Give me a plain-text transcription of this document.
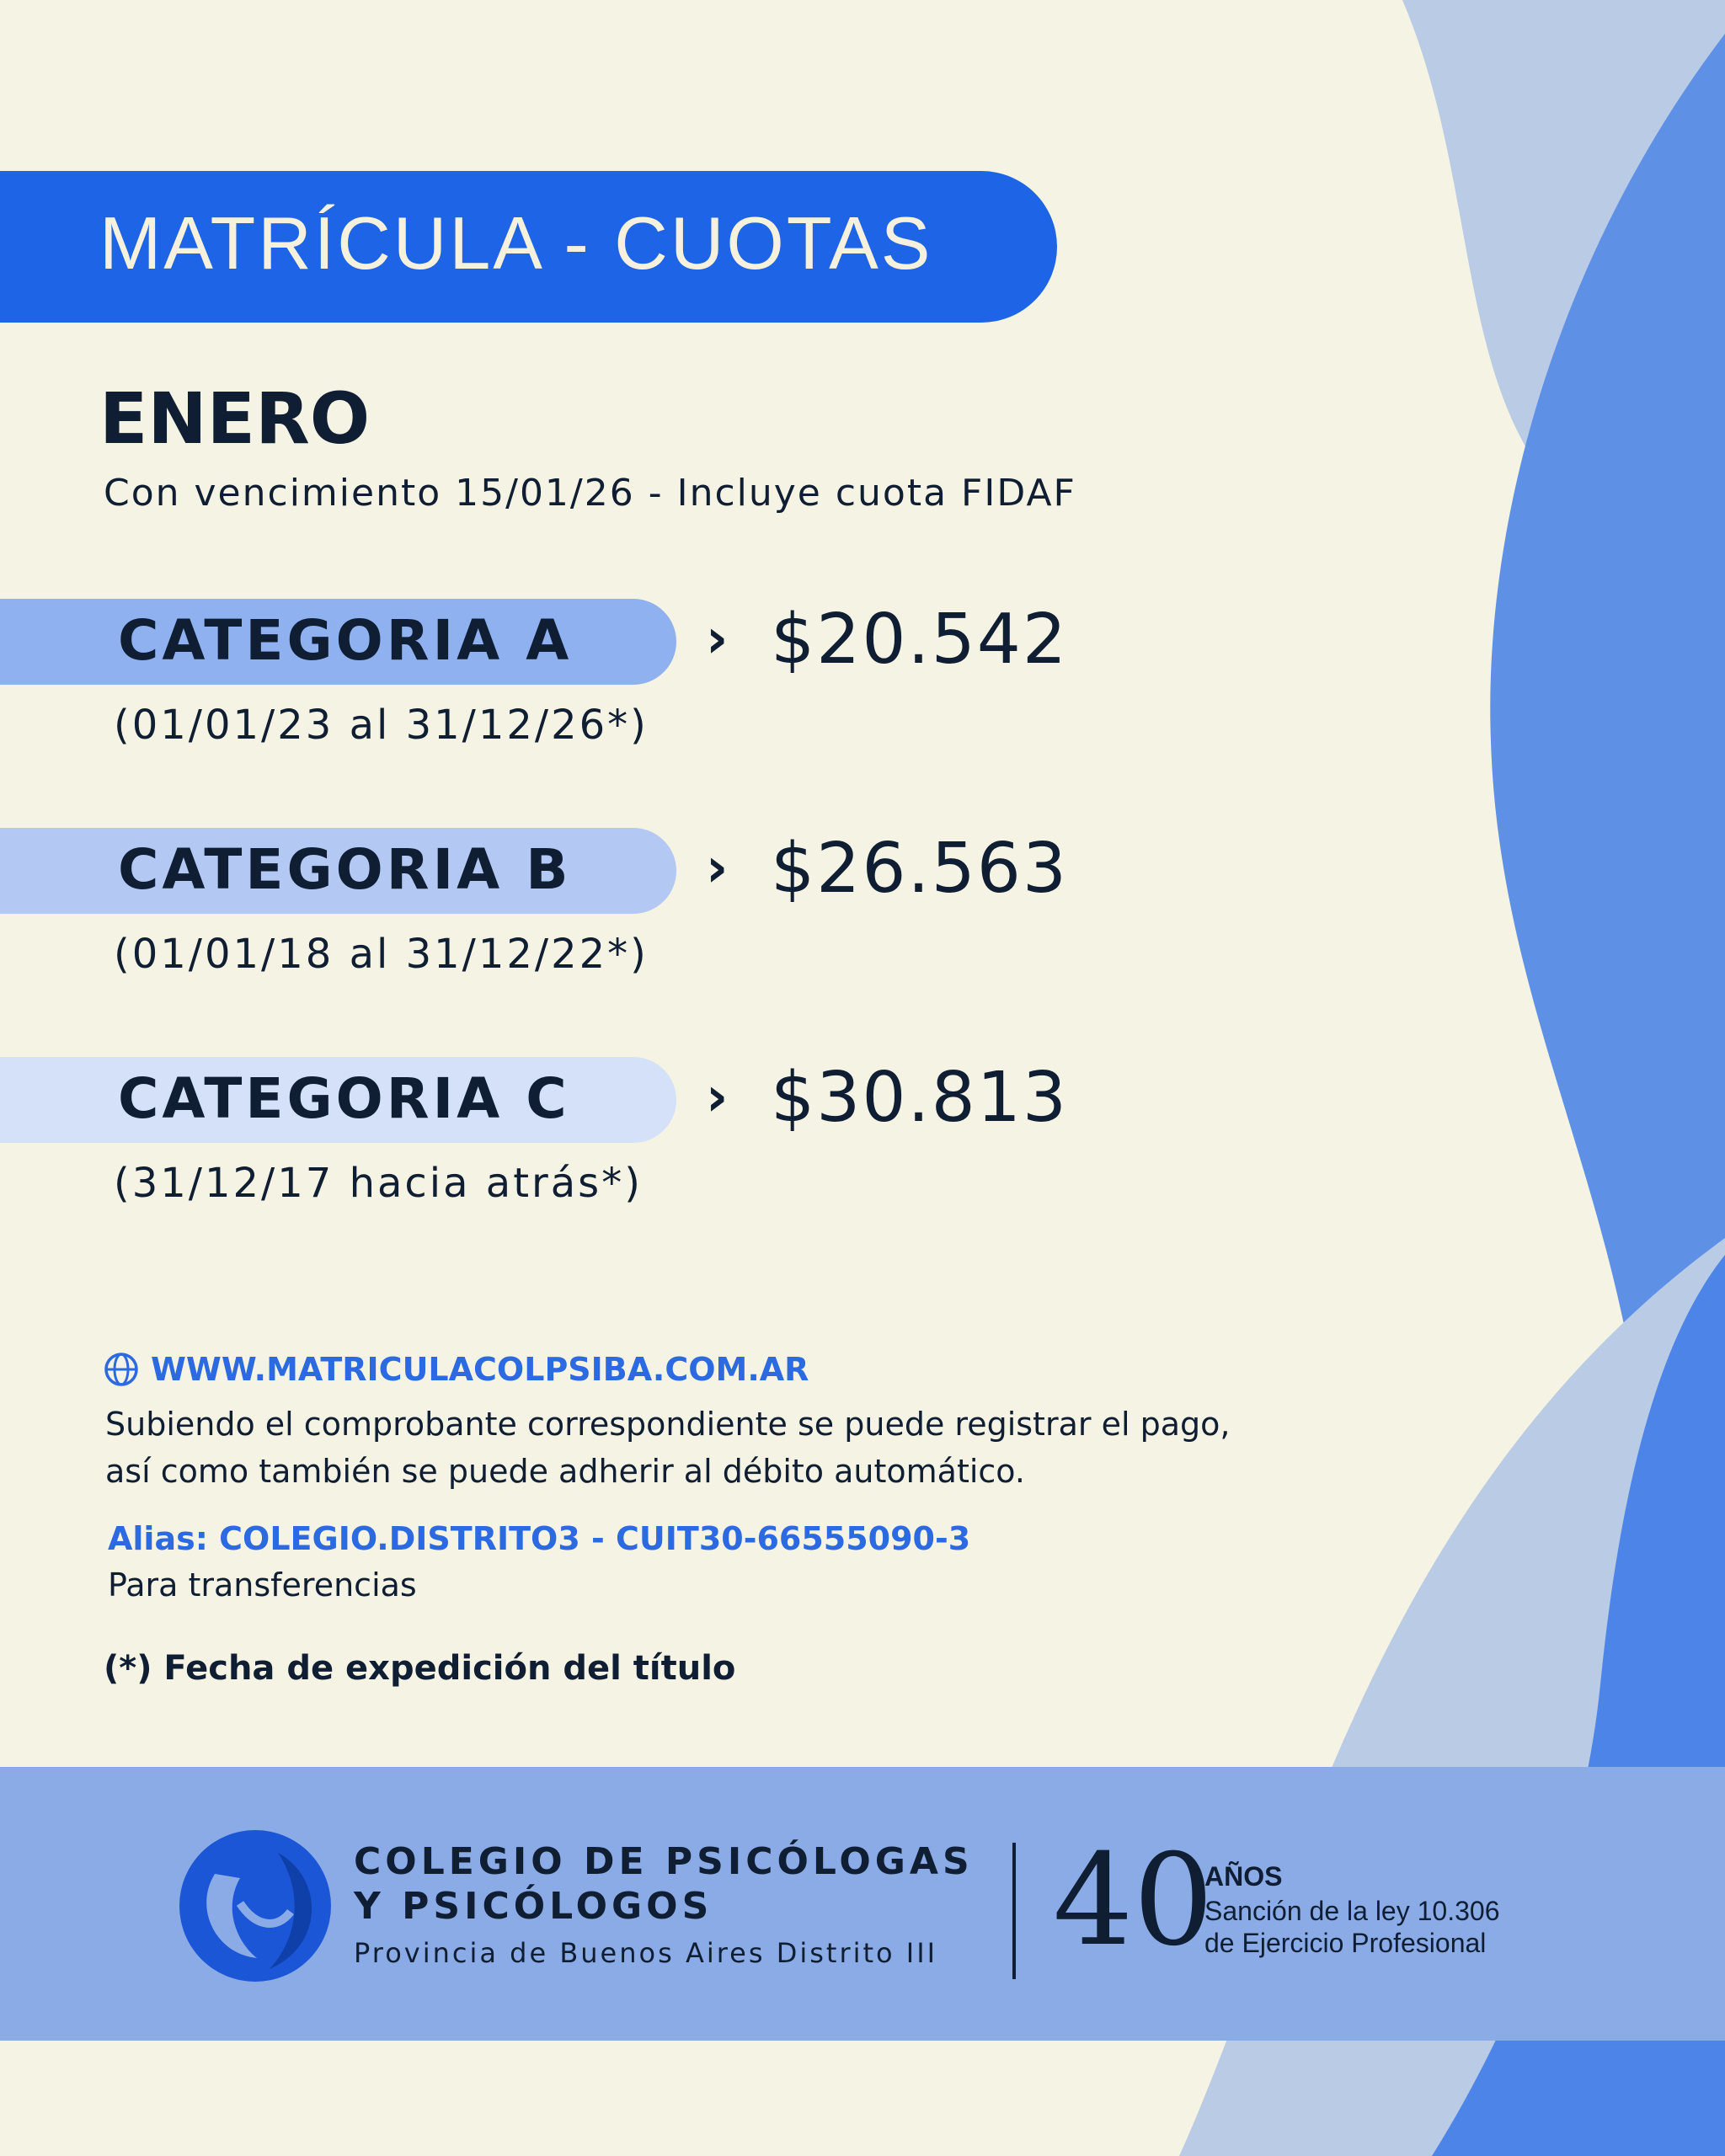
MATRÍCULA - CUOTAS
ENERO
Con vencimiento 15/01/26 - Incluye cuota FIDAF
CATEGORIA A › $20.542
(01/01/23 al 31/12/26*)
CATEGORIA B › $26.563
(01/01/18 al 31/12/22*)
CATEGORIA C	› $30.813
(31/12/17 hacia atrás*)
WWW.MATRICULACOLPSIBA.COM.AR
Subiendo el comprobante correspondiente se puede registrar el pago,
así como también se puede adherir al débito automático.
Alias: COLEGIO.DISTRITO3 - CUIT30-66555090-3
Para transferencias
(*) Fecha de expedición del título
COLEGIO DE PSICÓLOGAS
Y PSICÓLOGOS
Provincia de Buenos Aires Distrito III 40
AÑOS
Sanción de la ley 10.306
de Ejercicio Profesional
